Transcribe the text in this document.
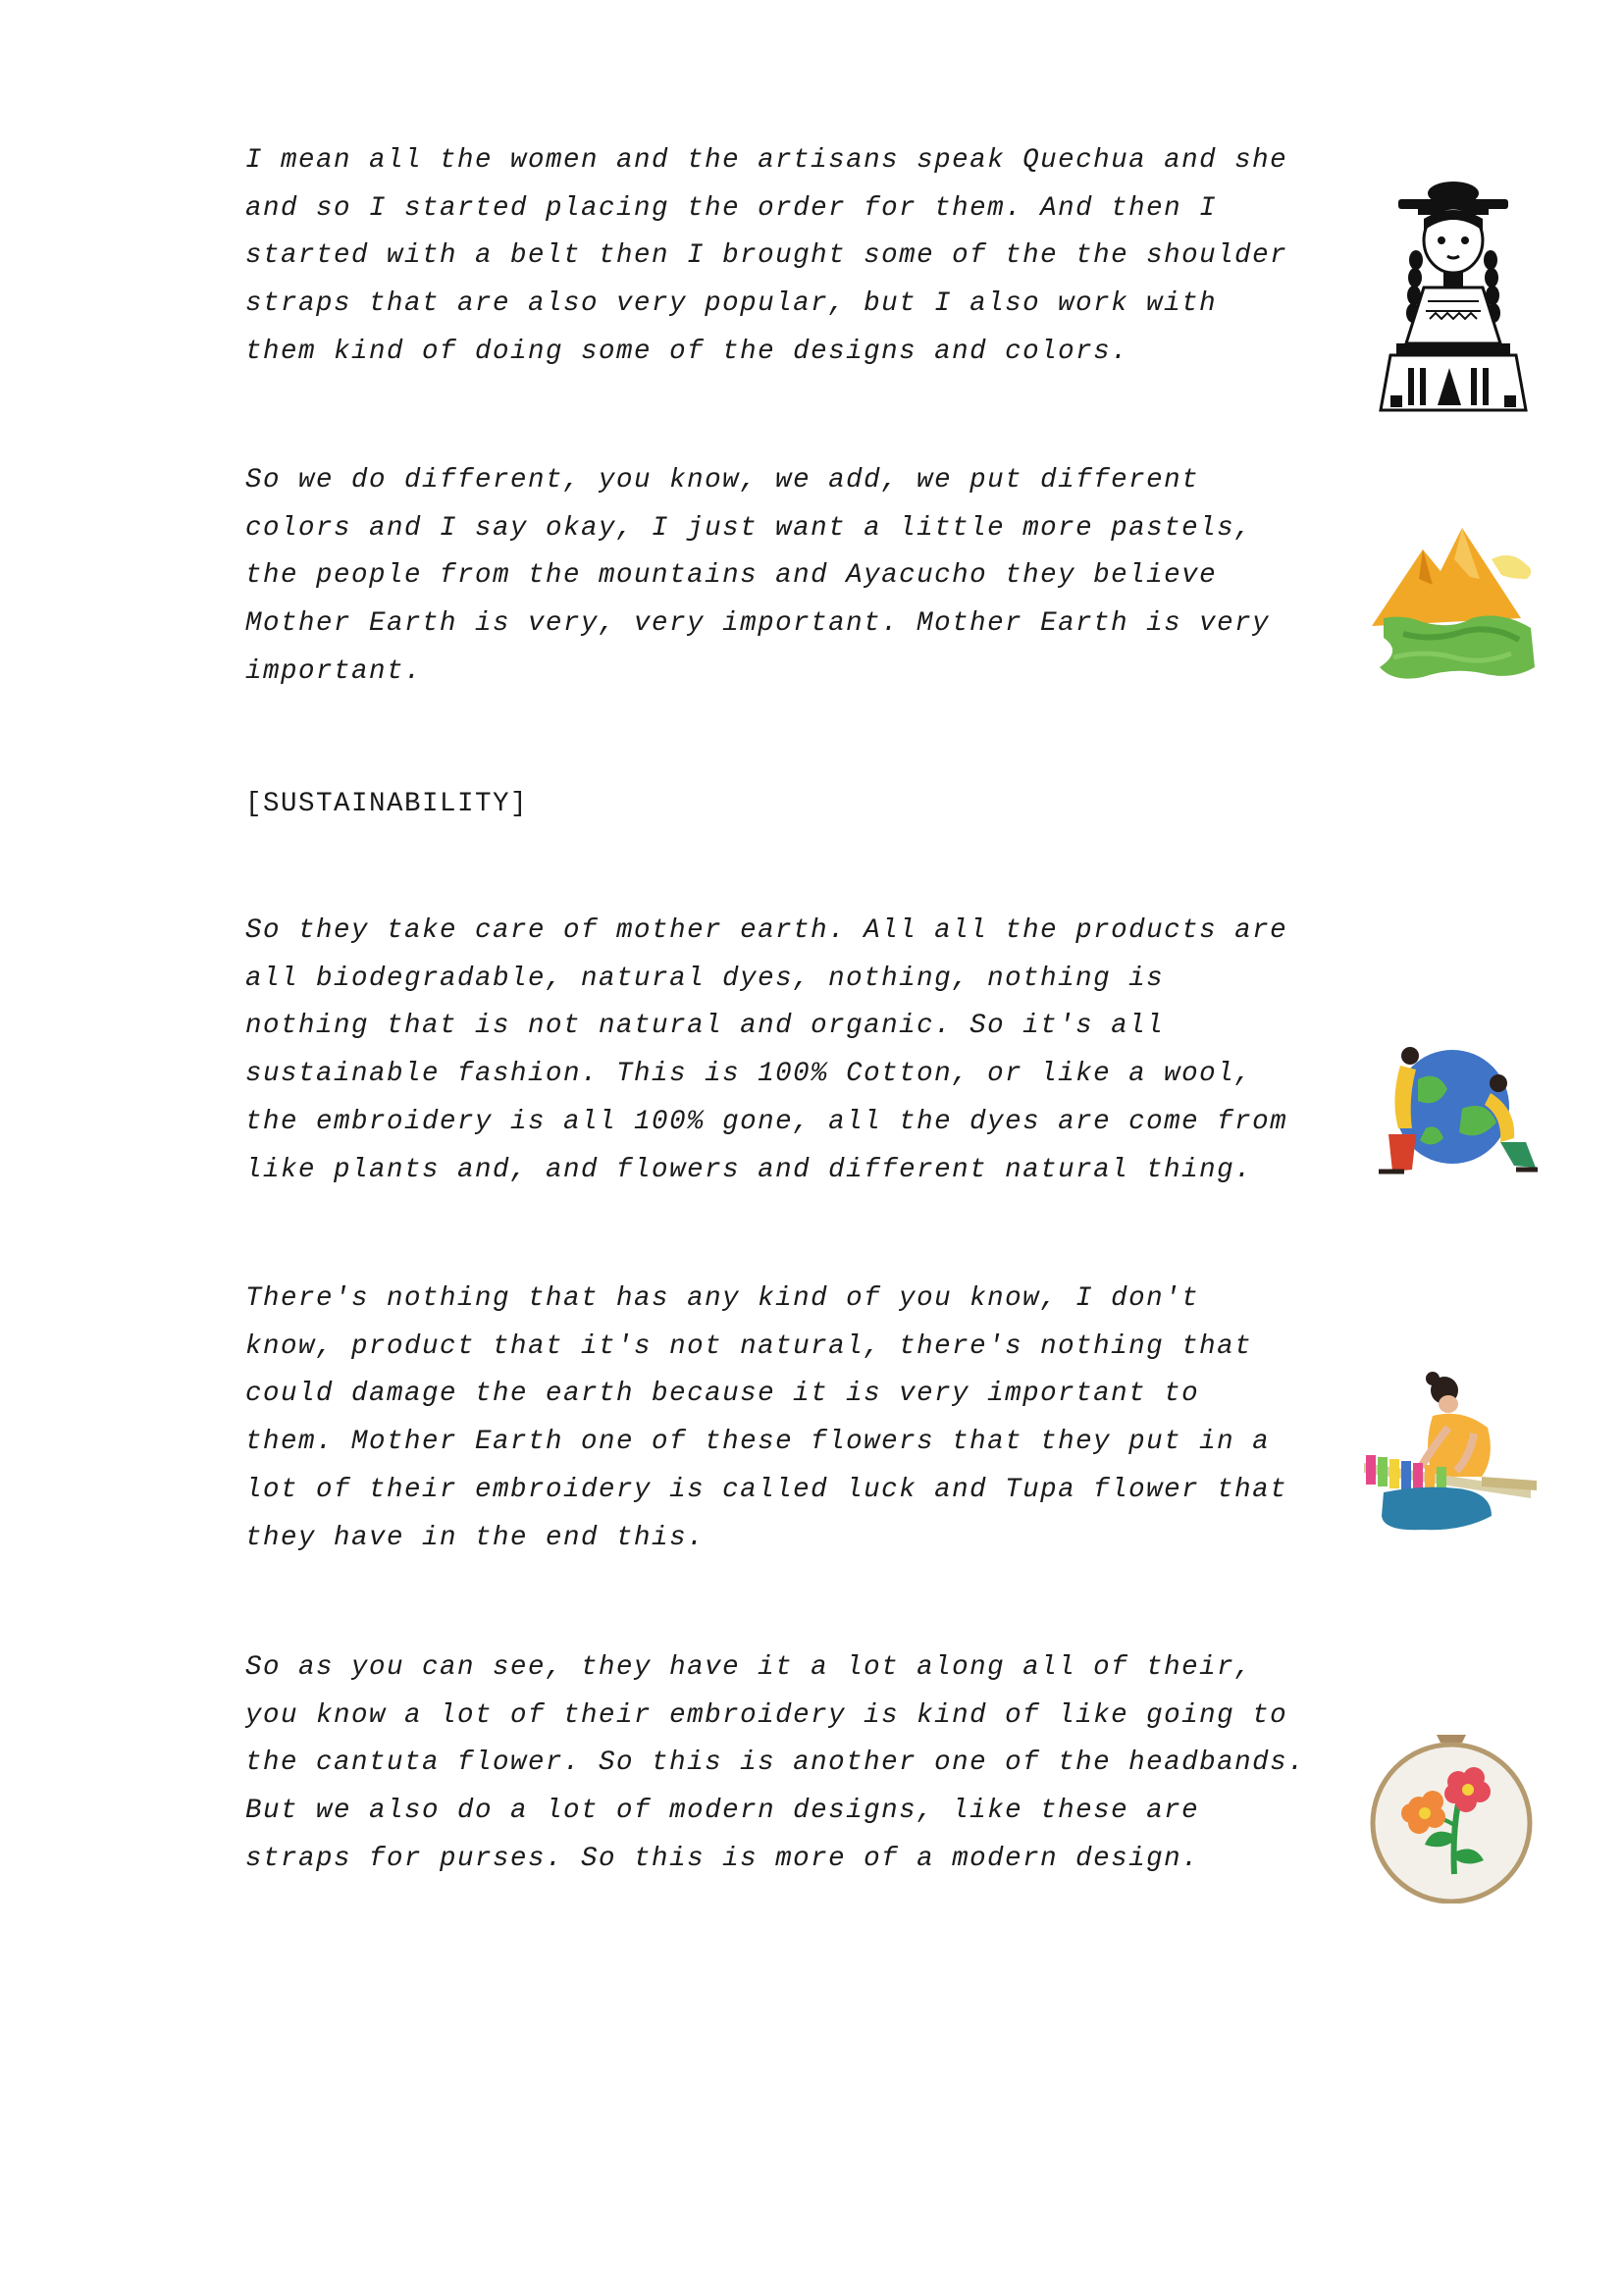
I mean all the women and the artisans speak Quechua and she
and so I started placing the order for them. And then I
started with a belt then I brought some of the the shoulder
straps that are also very popular, but I also work with
them kind of doing some of the designs and colors.

So we do different, you know, we add, we put different
colors and I say okay, I just want a little more pastels,
the people from the mountains and Ayacucho they believe
Mother Earth is very, very important. Mother Earth is very
important.

[SUSTAINABILITY]

So they take care of mother earth. All all the products are
all biodegradable, natural dyes, nothing, nothing is
nothing that is not natural and organic. So it's all
sustainable fashion. This is 100% Cotton, or like a wool,
the embroidery is all 100% gone, all the dyes are come from
like plants and, and flowers and different natural thing.

There's nothing that has any kind of you know, I don't
know, product that it's not natural, there's nothing that
could damage the earth because it is very important to
them. Mother Earth one of these flowers that they put in a
lot of their embroidery is called luck and Tupa flower that
they have in the end this.

So as you can see, they have it a lot along all of their,
you know a lot of their embroidery is kind of like going to
the cantuta flower. So this is another one of the headbands.
But we also do a lot of modern designs, like these are
straps for purses. So this is more of a modern design.
